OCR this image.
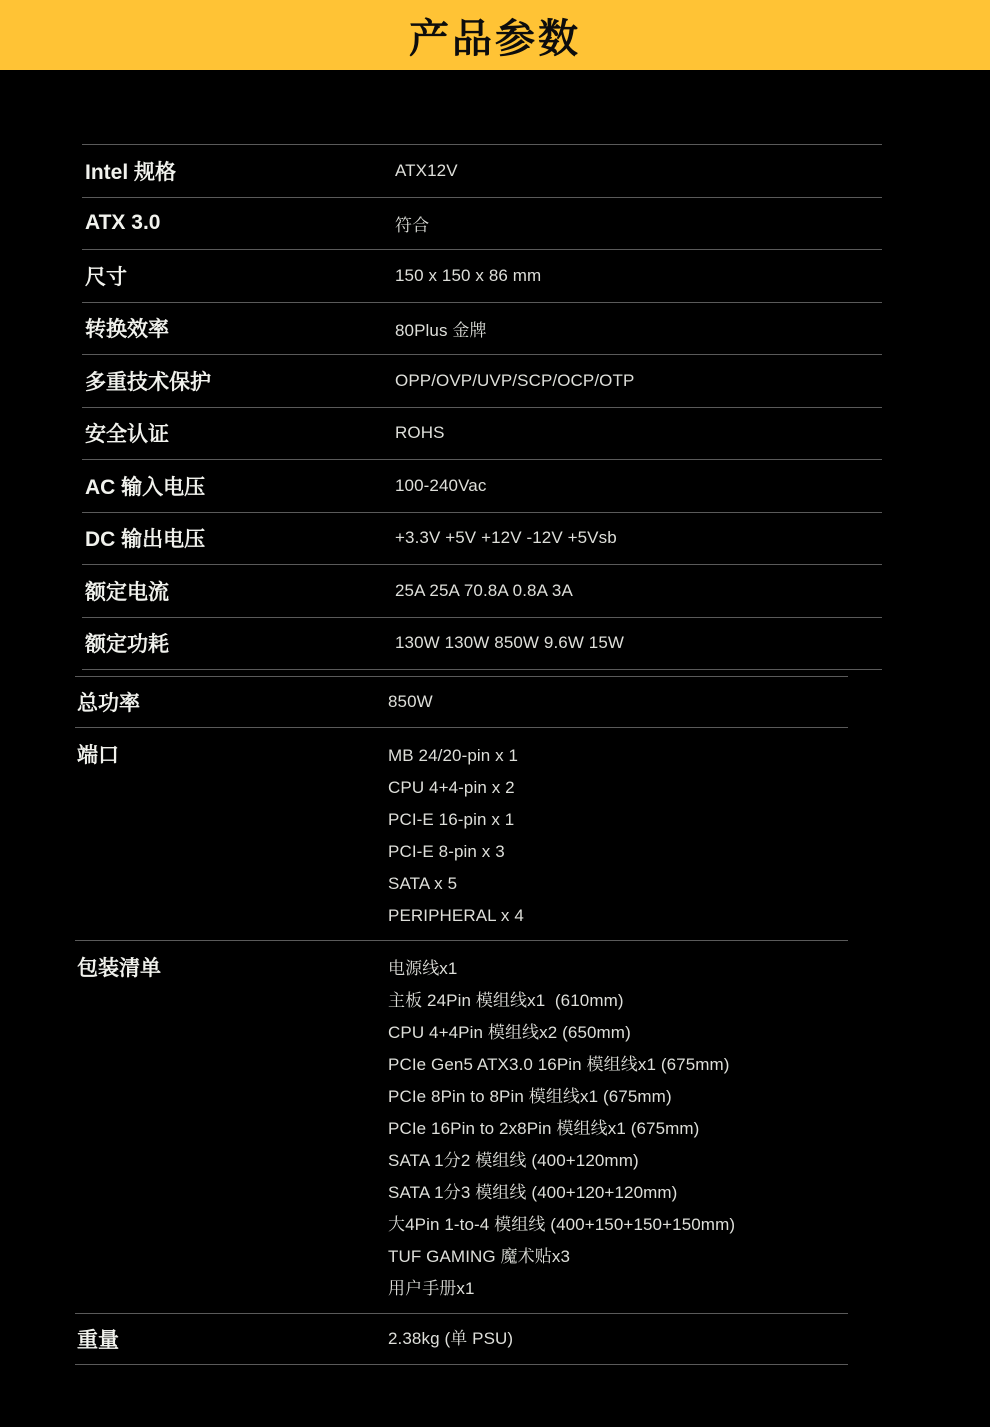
产品参数
Intel 规格	ATX12V
ATX 3.0	符合
尺寸	150 x 150 x 86 mm
转换效率	80Plus 金牌
多重技术保护	OPP/OVP/UVP/SCP/OCP/OTP
安全认证	ROHS
AC 输入电压	100-240Vac
DC 输出电压	+3.3V +5V +12V -12V +5Vsb
额定电流	25A 25A 70.8A 0.8A 3A
额定功耗	130W 130W 850W 9.6W 15W
总功率	850W
端口	MB 24/20-pin x 1
CPU 4+4-pin x 2
PCI-E 16-pin x 1
PCI-E 8-pin x 3
SATA x 5
PERIPHERAL x 4
包装清单	电源线x1
主板 24Pin 模组线x1  (610mm)
CPU 4+4Pin 模组线x2 (650mm)
PCIe Gen5 ATX3.0 16Pin 模组线x1 (675mm)
PCIe 8Pin to 8Pin 模组线x1 (675mm)
PCIe 16Pin to 2x8Pin 模组线x1 (675mm)
SATA 1分2 模组线 (400+120mm)
SATA 1分3 模组线 (400+120+120mm)
大4Pin 1-to-4 模组线 (400+150+150+150mm)
TUF GAMING 魔术贴x3
用户手册x1
重量	2.38kg (单 PSU)
